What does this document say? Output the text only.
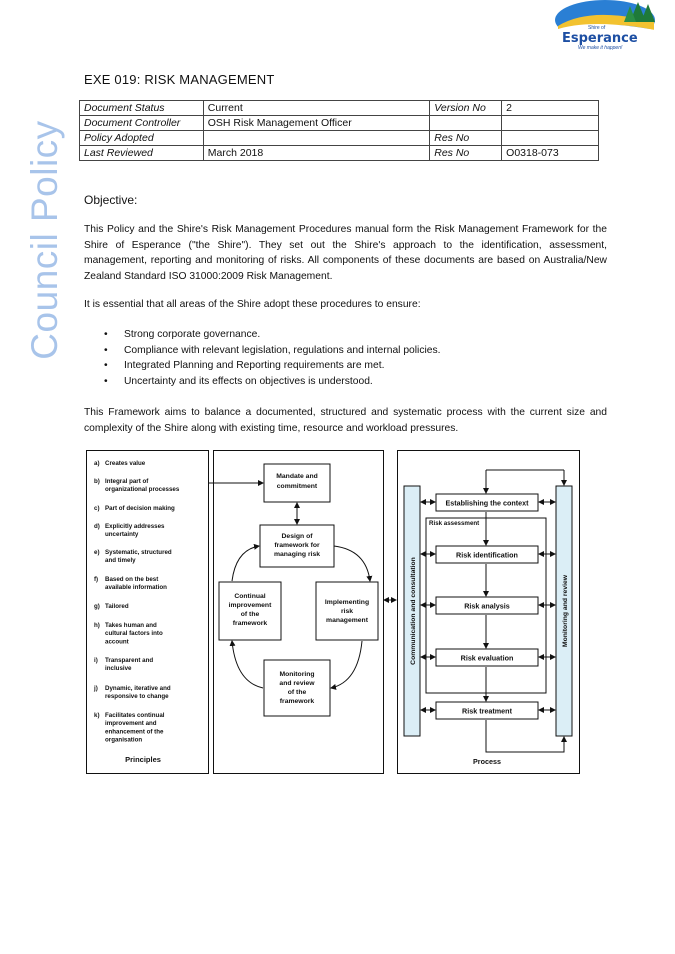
Council Policy
Shire of
Esperance
We make it happen!
EXE 019: RISK MANAGEMENT
Document Status	Current	Version No	2
Document Controller	OSH Risk Management Officer		
Policy Adopted		Res No	
Last Reviewed	March 2018	Res No	O0318-073
Objective:
This Policy and the Shire's Risk Management Procedures manual form the Risk Management Framework for the Shire of Esperance ("the Shire"). They set out the Shire's approach to the identification, assessment, management, reporting and monitoring of risks. All components of these documents are based on Australia/New Zealand Standard ISO 31000:2009 Risk Management.
It is essential that all areas of the Shire adopt these procedures to ensure:
• Strong corporate governance.
• Compliance with relevant legislation, regulations and internal policies.
• Integrated Planning and Reporting requirements are met.
• Uncertainty and its effects on objectives is understood.
This Framework aims to balance a documented, structured and systematic process with the current size and complexity of the Shire along with existing time, resource and workload pressures.
a) Creates value
b) Integral part of
organizational processes
c) Part of decision making
d) Explicitly addresses
uncertainty
e) Systematic, structured
and timely
f) Based on the best
available information
g) Tailored
h) Takes human and
cultural factors into
account
i) Transparent and
inclusive
j) Dynamic, iterative and
responsive to change
k) Facilitates continual
improvement and
enhancement of the
organisation
Principles
Mandate and
commitment
Design of
framework for
managing risk
Continual
improvement
of the
framework
Implementing
risk
management
Monitoring
and review
of the
framework
Communication and consultation	Monitoring and review
Establishing the context
Risk assessment
Risk identification
Risk analysis
Risk evaluation
Risk treatment
Process
